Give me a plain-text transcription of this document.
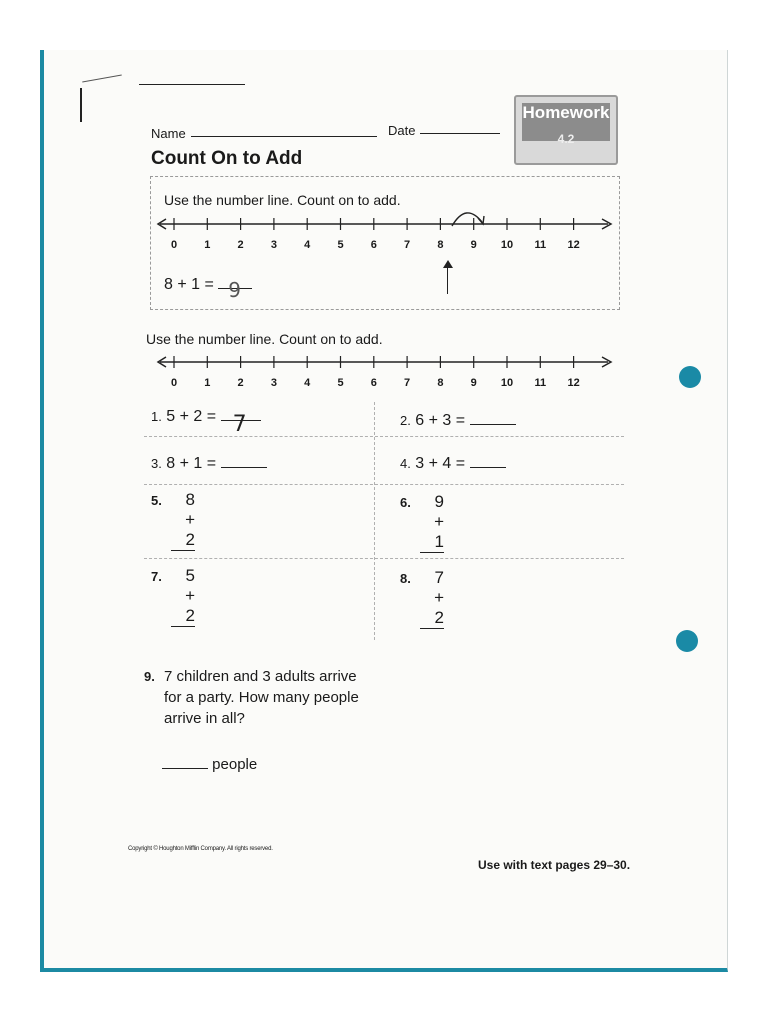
Name	Date
Homework
4.2
Count On to Add
Use the number line. Count on to add.
0 1 2 3 4 5 6 7 8 9 10 11 12
8 + 1 = 9
Use the number line. Count on to add.
0 1 2 3 4 5 6 7 8 9 10 11 12
1. 5 + 2 = 7	2. 6 + 3 =
3. 8 + 1 =	4. 3 + 4 =
5.	8
+ 2
6.	9
+ 1
7.	5
+ 2
8.	7
+ 2
9. 7 children and 3 adults arrive
for a party. How many people
arrive in all?
people
Copyright © Houghton Mifflin Company. All rights reserved.
Use with text pages 29–30.
